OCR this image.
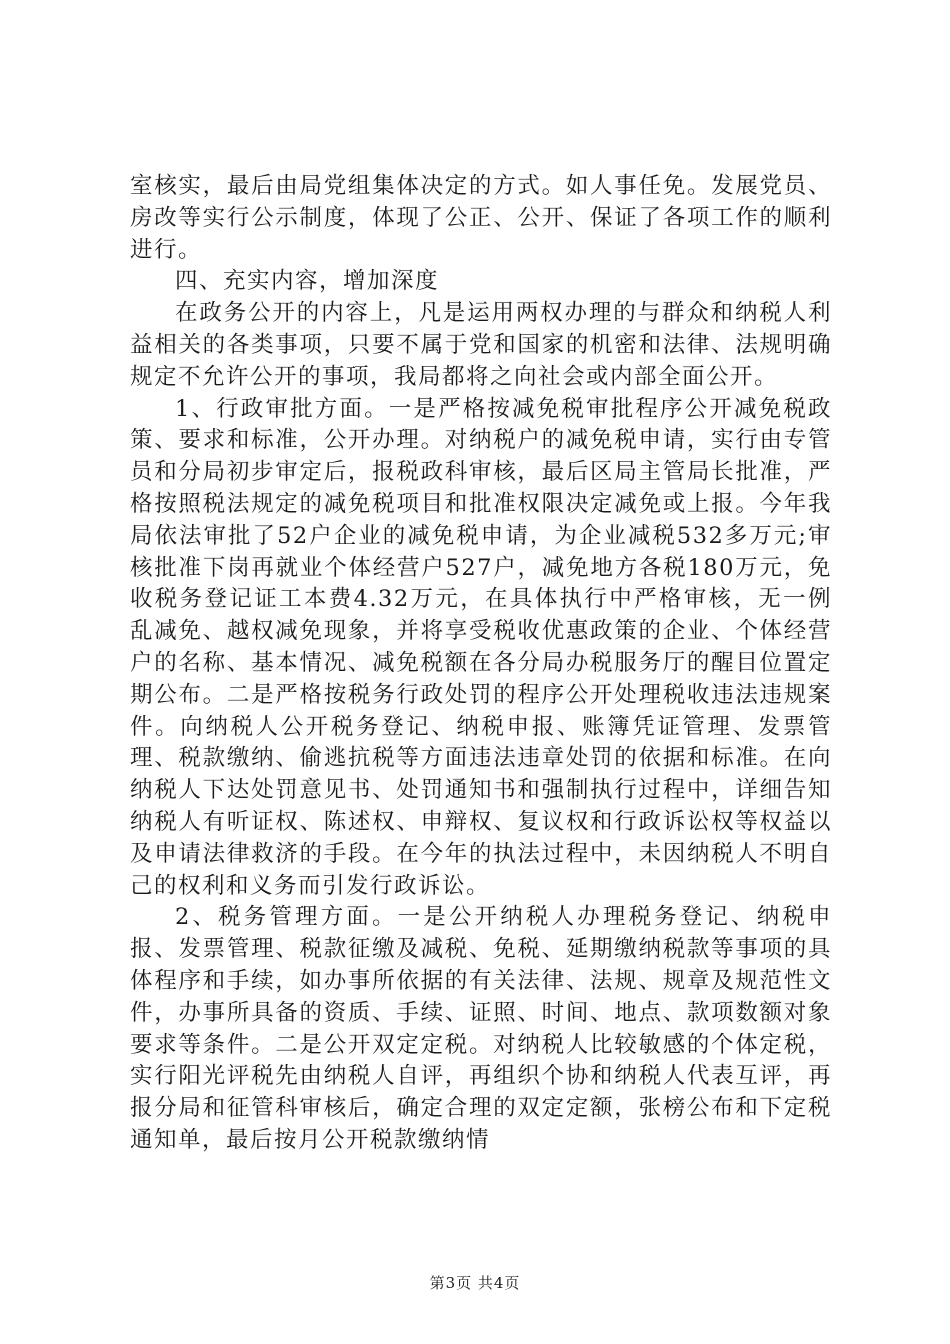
室核实，最后由局党组集体决定的方式。如人事任免。发展党员、房改等实行公示制度，体现了公正、公开、保证了各项工作的顺利进行。

四、充实内容，增加深度

在政务公开的内容上，凡是运用两权办理的与群众和纳税人利益相关的各类事项，只要不属于党和国家的机密和法律、法规明确规定不允许公开的事项，我局都将之向社会或内部全面公开。

1、行政审批方面。一是严格按减免税审批程序公开减免税政策、要求和标准，公开办理。对纳税户的减免税申请，实行由专管员和分局初步审定后，报税政科审核，最后区局主管局长批准，严格按照税法规定的减免税项目和批准权限决定减免或上报。今年我局依法审批了52户企业的减免税申请，为企业减税532多万元;审核批准下岗再就业个体经营户527户，减免地方各税180万元，免收税务登记证工本费4.32万元，在具体执行中严格审核，无一例乱减免、越权减免现象，并将享受税收优惠政策的企业、个体经营户的名称、基本情况、减免税额在各分局办税服务厅的醒目位置定期公布。二是严格按税务行政处罚的程序公开处理税收违法违规案件。向纳税人公开税务登记、纳税申报、账簿凭证管理、发票管理、税款缴纳、偷逃抗税等方面违法违章处罚的依据和标准。在向纳税人下达处罚意见书、处罚通知书和强制执行过程中，详细告知纳税人有听证权、陈述权、申辩权、复议权和行政诉讼权等权益以及申请法律救济的手段。在今年的执法过程中，未因纳税人不明自己的权利和义务而引发行政诉讼。

2、税务管理方面。一是公开纳税人办理税务登记、纳税申报、发票管理、税款征缴及减税、免税、延期缴纳税款等事项的具体程序和手续，如办事所依据的有关法律、法规、规章及规范性文件，办事所具备的资质、手续、证照、时间、地点、款项数额对象要求等条件。二是公开双定定税。对纳税人比较敏感的个体定税，实行阳光评税先由纳税人自评，再组织个协和纳税人代表互评，再报分局和征管科审核后，确定合理的双定定额，张榜公布和下定税通知单，最后按月公开税款缴纳情

第3页 共4页
